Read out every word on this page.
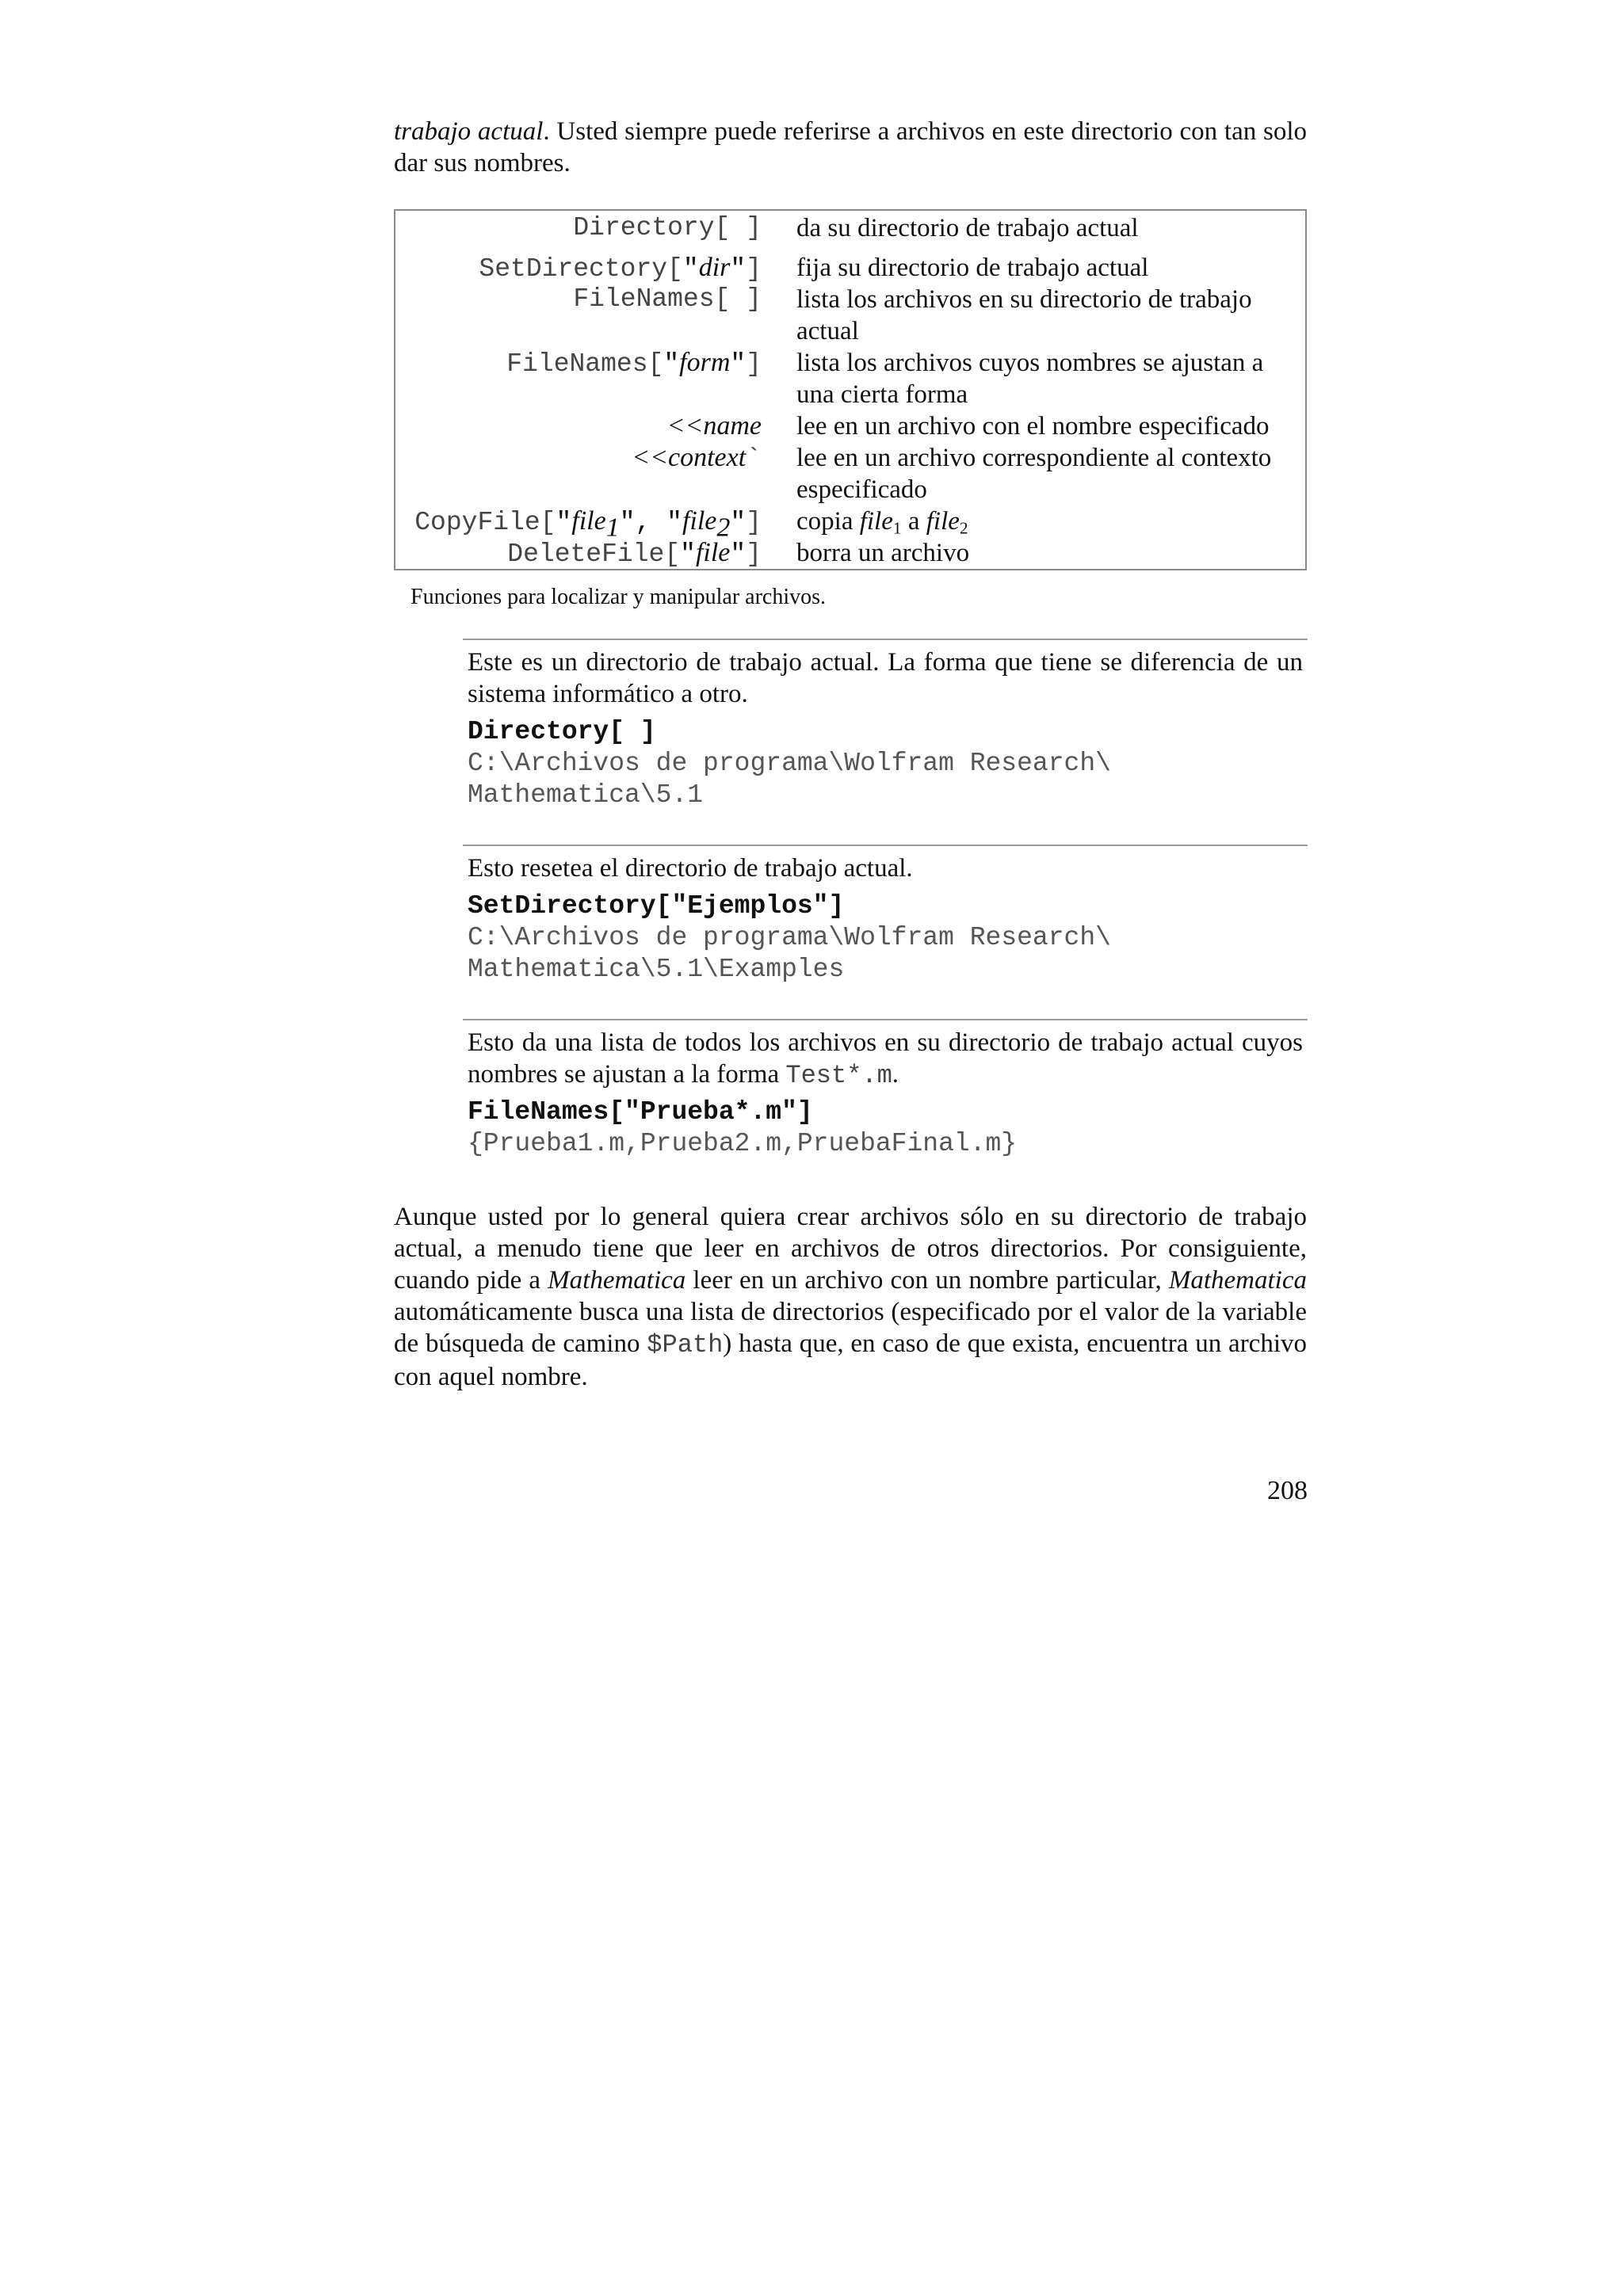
trabajo actual. Usted siempre puede referirse a archivos en este directorio con tan solo dar sus nombres.
Directory[ ] da su directorio de trabajo actual
SetDirectory["dir"] fija su directorio de trabajo actual
FileNames[ ] lista los archivos en su directorio de trabajo actual
FileNames["form"] lista los archivos cuyos nombres se ajustan a una cierta forma
<<name lee en un archivo con el nombre especificado
<<context` lee en un archivo correspondiente al contexto especificado
CopyFile["file$_1$", "file$_2$"] copia file$_1$ a file$_2$
DeleteFile["file"] borra un archivo
Funciones para localizar y manipular archivos.
Este es un directorio de trabajo actual. La forma que tiene se diferencia de un sistema informático a otro.
Directory[ ]
C:\Archivos de programa\Wolfram Research\
Mathematica\5.1
Esto resetea el directorio de trabajo actual.
SetDirectory["Ejemplos"]
C:\Archivos de programa\Wolfram Research\
Mathematica\5.1\Examples
Esto da una lista de todos los archivos en su directorio de trabajo actual cuyos nombres se ajustan a la forma Test*.m.
FileNames["Prueba*.m"]
{Prueba1.m,Prueba2.m,PruebaFinal.m}
Aunque usted por lo general quiera crear archivos sólo en su directorio de trabajo actual, a menudo tiene que leer en archivos de otros directorios. Por consiguiente, cuando pide a Mathematica leer en un archivo con un nombre particular, Mathematica automáticamente busca una lista de directorios (especificado por el valor de la variable de búsqueda de camino $Path) hasta que, en caso de que exista, encuentra un archivo con aquel nombre.
208
